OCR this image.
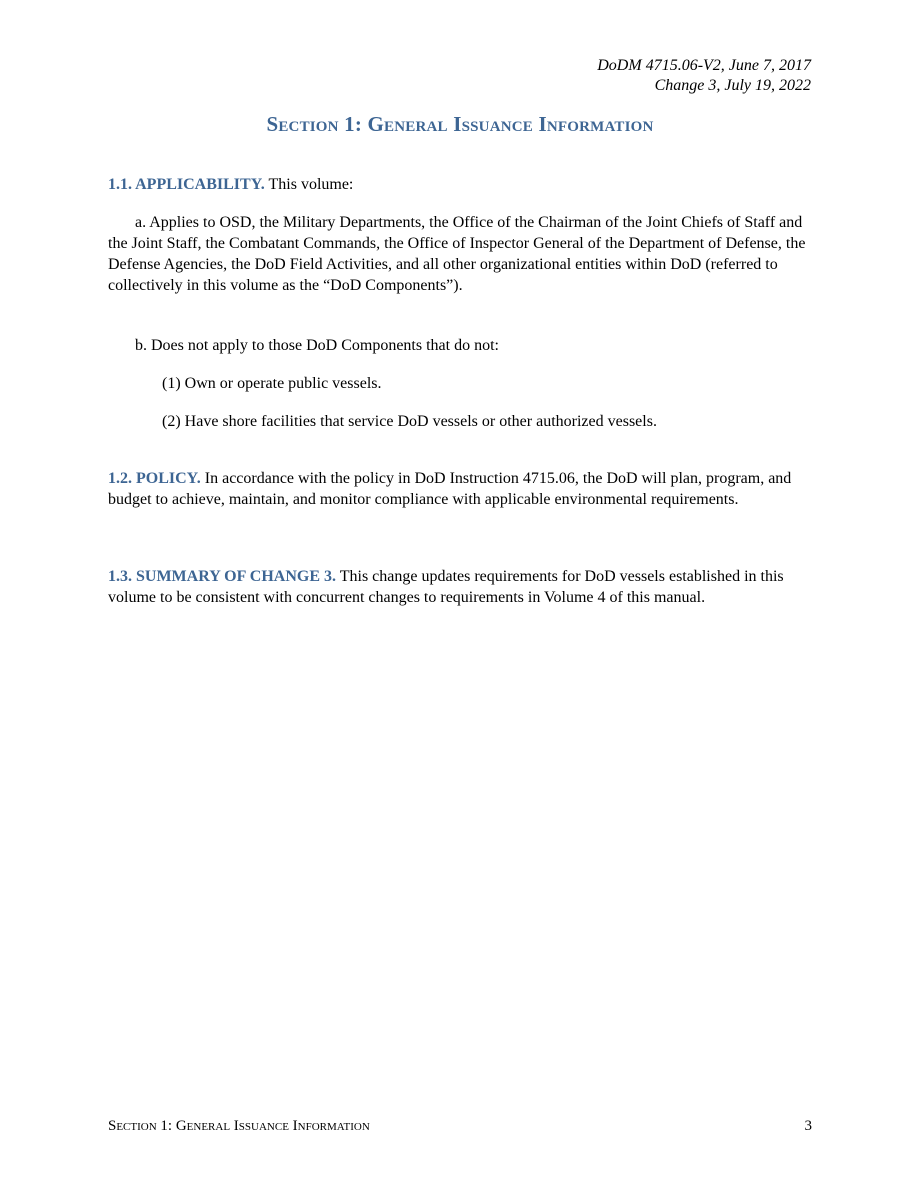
DoDM 4715.06-V2, June 7, 2017
Change 3, July 19, 2022
Section 1: General Issuance Information

1.1. APPLICABILITY. This volume:

a. Applies to OSD, the Military Departments, the Office of the Chairman of the Joint Chiefs of Staff and the Joint Staff, the Combatant Commands, the Office of Inspector General of the Department of Defense, the Defense Agencies, the DoD Field Activities, and all other organizational entities within DoD (referred to collectively in this volume as the “DoD Components”).

b. Does not apply to those DoD Components that do not:

(1) Own or operate public vessels.

(2) Have shore facilities that service DoD vessels or other authorized vessels.

1.2. POLICY. In accordance with the policy in DoD Instruction 4715.06, the DoD will plan, program, and budget to achieve, maintain, and monitor compliance with applicable environmental requirements.

1.3. SUMMARY OF CHANGE 3. This change updates requirements for DoD vessels established in this volume to be consistent with concurrent changes to requirements in Volume 4 of this manual.

Section 1: General Issuance Information	3
